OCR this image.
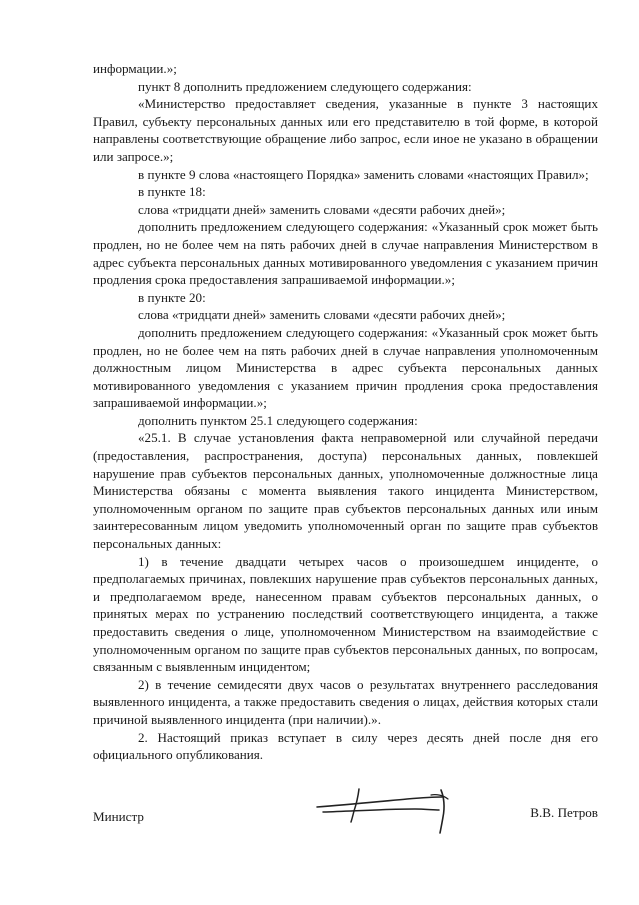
информации.»;

пункт 8 дополнить предложением следующего содержания:

«Министерство предоставляет сведения, указанные в пункте 3 настоящих Правил, субъекту персональных данных или его представителю в той форме, в которой направлены соответствующие обращение либо запрос, если иное не указано в обращении или запросе.»;

в пункте 9 слова «настоящего Порядка» заменить словами «настоящих Правил»;

в пункте 18:

слова «тридцати дней» заменить словами «десяти рабочих дней»;

дополнить предложением следующего содержания: «Указанный срок может быть продлен, но не более чем на пять рабочих дней в случае направления Министерством в адрес субъекта персональных данных мотивированного уведомления с указанием причин продления срока предоставления запрашиваемой информации.»;

в пункте 20:

слова «тридцати дней» заменить словами «десяти рабочих дней»;

дополнить предложением следующего содержания: «Указанный срок может быть продлен, но не более чем на пять рабочих дней в случае направления уполномоченным должностным лицом Министерства в адрес субъекта персональных данных мотивированного уведомления с указанием причин продления срока предоставления запрашиваемой информации.»;

дополнить пунктом 25.1 следующего содержания:

«25.1. В случае установления факта неправомерной или случайной передачи (предоставления, распространения, доступа) персональных данных, повлекшей нарушение прав субъектов персональных данных, уполномоченные должностные лица Министерства обязаны с момента выявления такого инцидента Министерством, уполномоченным органом по защите прав субъектов персональных данных или иным заинтересованным лицом уведомить уполномоченный орган по защите прав субъектов персональных данных:

1) в течение двадцати четырех часов о произошедшем инциденте, о предполагаемых причинах, повлекших нарушение прав субъектов персональных данных, и предполагаемом вреде, нанесенном правам субъектов персональных данных, о принятых мерах по устранению последствий соответствующего инцидента, а также предоставить сведения о лице, уполномоченном Министерством на взаимодействие с уполномоченным органом по защите прав субъектов персональных данных, по вопросам, связанным с выявленным инцидентом;

2) в течение семидесяти двух часов о результатах внутреннего расследования выявленного инцидента, а также предоставить сведения о лицах, действия которых стали причиной выявленного инцидента (при наличии).».

2. Настоящий приказ вступает в силу через десять дней после дня его официального опубликования.

Министр	В.В. Петров
